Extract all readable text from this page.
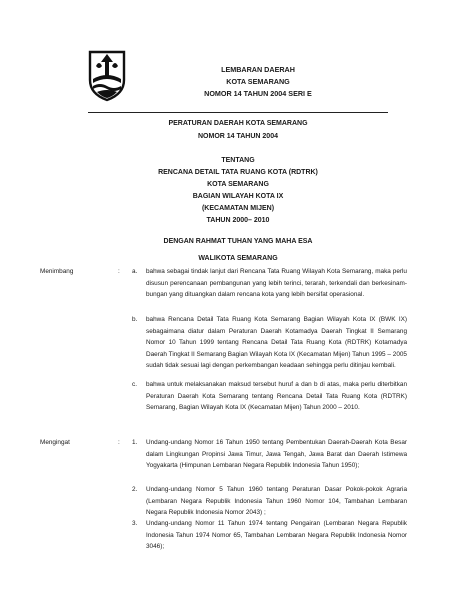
LEMBARAN DAERAH
KOTA SEMARANG
NOMOR 14 TAHUN 2004 SERI E
PERATURAN DAERAH KOTA SEMARANG
NOMOR 14 TAHUN 2004
TENTANG
RENCANA DETAIL TATA RUANG KOTA (RDTRK)
KOTA SEMARANG
BAGIAN WILAYAH KOTA IX
(KECAMATAN MIJEN)
TAHUN 2000– 2010
DENGAN RAHMAT TUHAN YANG MAHA ESA
WALIKOTA SEMARANG
Menimbang	: a. bahwa sebagai tindak lanjut dari Rencana Tata Ruang Wilayah Kota Semarang, maka perlu disusun perencanaan pembangunan yang lebih terinci, terarah, terkendali dan berkesinam-bungan yang dituangkan dalam rencana kota yang lebih bersifat operasional.
b. bahwa Rencana Detail Tata Ruang Kota Semarang Bagian Wilayah Kota IX (BWK IX) sebagaimana diatur dalam Peraturan Daerah Kotamadya Daerah Tingkat II Semarang Nomor 10 Tahun 1999 tentang Rencana Detail Tata Ruang Kota (RDTRK) Kotamadya Daerah Tingkat II Semarang Bagian Wilayah Kota IX (Kecamatan Mijen) Tahun 1995 – 2005 sudah tidak sesuai lagi dengan perkembangan keadaan sehingga perlu ditinjau kembali.
c. bahwa untuk melaksanakan maksud tersebut huruf a dan b di atas, maka perlu diterbitkan Peraturan Daerah Kota Semarang tentang Rencana Detail Tata Ruang Kota (RDTRK) Semarang, Bagian Wilayah Kota IX (Kecamatan Mijen) Tahun 2000 – 2010.
Mengingat	: 1. Undang-undang Nomor 16 Tahun 1950 tentang Pembentukan Daerah-Daerah Kota Besar dalam Lingkungan Propinsi Jawa Timur, Jawa Tengah, Jawa Barat dan Daerah Istimewa Yogyakarta (Himpunan Lembaran Negara Republik Indonesia Tahun 1950);
2. Undang-undang Nomor 5 Tahun 1960 tentang Peraturan Dasar Pokok-pokok Agraria (Lembaran Negara Republik Indonesia Tahun 1960 Nomor 104, Tambahan Lembaran Negara Republik Indonesia Nomor 2043) ;
3. Undang-undang Nomor 11 Tahun 1974 tentang Pengairan (Lembaran Negara Republik Indonesia Tahun 1974 Nomor 65, Tambahan Lembaran Negara Republik Indonesia Nomor 3046);
